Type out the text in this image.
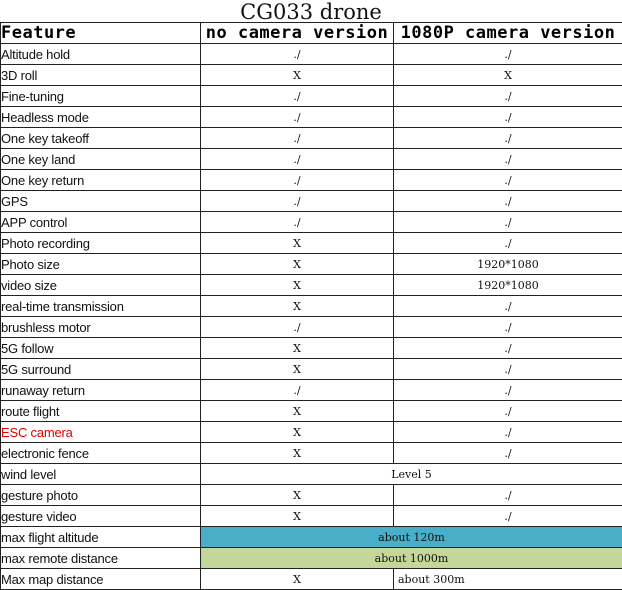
CG033 drone
Feature	no camera version	1080P camera version
Altitude hold	./	./
3D roll	X	X
Fine-tuning	./	./
Headless mode	./	./
One key takeoff	./	./
One key land	./	./
One key return	./	./
GPS	./	./
APP control	./	./
Photo recording	X	./
Photo size	X	1920*1080
video size	X	1920*1080
real-time transmission	X	./
brushless motor	./	./
5G follow	X	./
5G surround	X	./
runaway return	./	./
route flight	X	./
ESC camera	X	./
electronic fence	X	./
wind level	Level 5	
gesture photo	X	./
gesture video	X	./
max flight altitude	about 120m	
max remote distance	about 1000m	
Max map distance	X	about 300m
